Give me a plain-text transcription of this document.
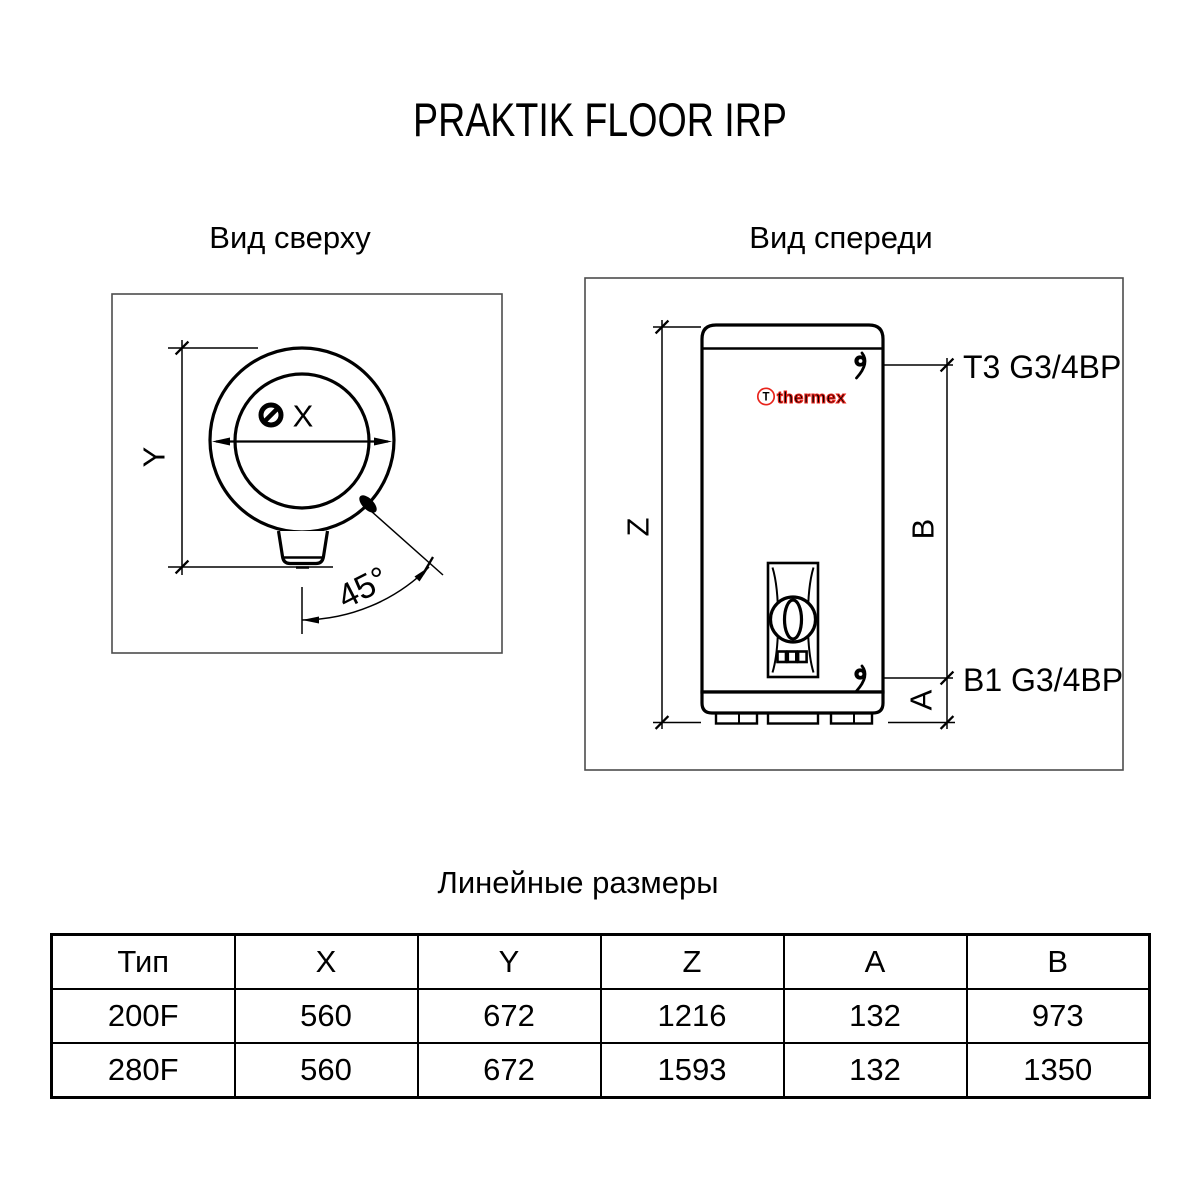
PRAKTIK FLOOR IRP
Вид сверху	Вид спереди
X
Y
45°
T thermex
Z	B
A
T3 G3/4BP
B1 G3/4BP
Линейные размеры
Тип	X	Y	Z	A	B
200F	560	672	1216	132	973
280F	560	672	1593	132	1350
